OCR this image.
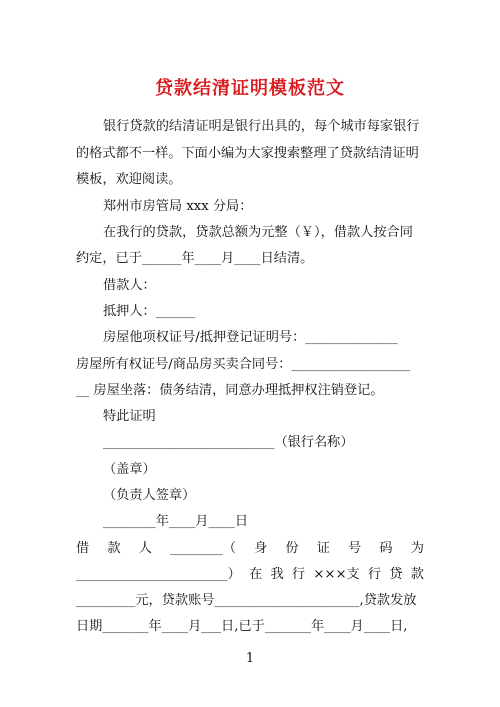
贷款结清证明模板范文
银行贷款的结清证明是银行出具的，每个城市每家银行
的格式都不一样。下面小编为大家搜索整理了贷款结清证明
模板，欢迎阅读。
郑州市房管局 xxx 分局：
在我行的贷款，贷款总额为元整（￥），借款人按合同
约定，已于______年____月____日结清。
借款人：
抵押人：______
房屋他项权证号/抵押登记证明号：______________
房屋所有权证号/商品房买卖合同号：__________________
__ 房屋坐落：债务结清，同意办理抵押权注销登记。
特此证明
__________________________（银行名称）
（盖章）
（负责人签章）
________年____月____日
借 款 人 ________（ 身 份 证 号 码 为
_______________________） 在 我 行 ×××支 行 贷 款
_________元，贷款账号______________________,贷款发放
日期_______年____月___日,已于_______年____月____日,
1
